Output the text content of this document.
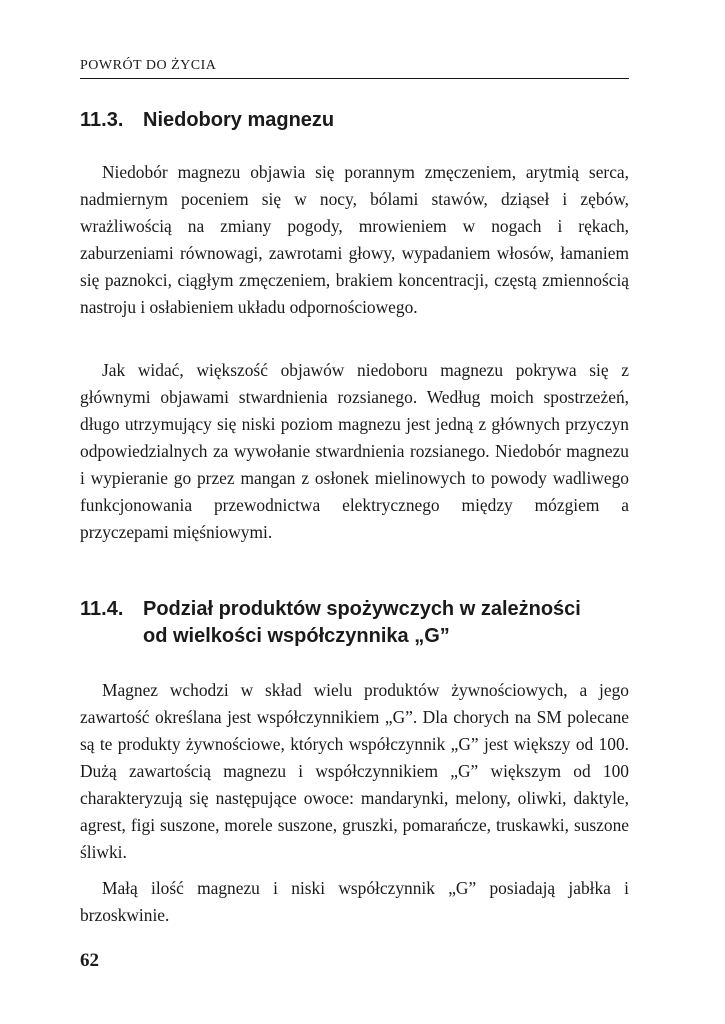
POWRÓT DO ŻYCIA
11.3. Niedobory magnezu

Niedobór magnezu objawia się porannym zmęczeniem, arytmią serca, nadmiernym poceniem się w nocy, bólami stawów, dziąseł i zębów, wrażliwością na zmiany pogody, mrowieniem w nogach i rękach, zaburzeniami równowagi, zawrotami głowy, wypadaniem włosów, łamaniem się paznokci, ciągłym zmęczeniem, brakiem koncentracji, częstą zmiennością nastroju i osłabieniem układu odpornościowego.

Jak widać, większość objawów niedoboru magnezu pokrywa się z głównymi objawami stwardnienia rozsianego. Według moich spostrzeżeń, długo utrzymujący się niski poziom magnezu jest jedną z głównych przyczyn odpowiedzialnych za wywołanie stwardnienia rozsianego. Niedobór magnezu i wypieranie go przez mangan z osłonek mielinowych to powody wadliwego funkcjonowania przewodnictwa elektrycznego między mózgiem a przyczepami mięśniowymi.

11.4. Podział produktów spożywczych w zależności
od wielkości współczynnika „G”

Magnez wchodzi w skład wielu produktów żywnościowych, a jego zawartość określana jest współczynnikiem „G”. Dla chorych na SM polecane są te produkty żywnościowe, których współczynnik „G” jest większy od 100. Dużą zawartością magnezu i współczynnikiem „G” większym od 100 charakteryzują się następujące owoce: mandarynki, melony, oliwki, daktyle, agrest, figi suszone, morele suszone, gruszki, pomarańcze, truskawki, suszone śliwki.

Małą ilość magnezu i niski współczynnik „G” posiadają jabłka i brzoskwinie.

62
